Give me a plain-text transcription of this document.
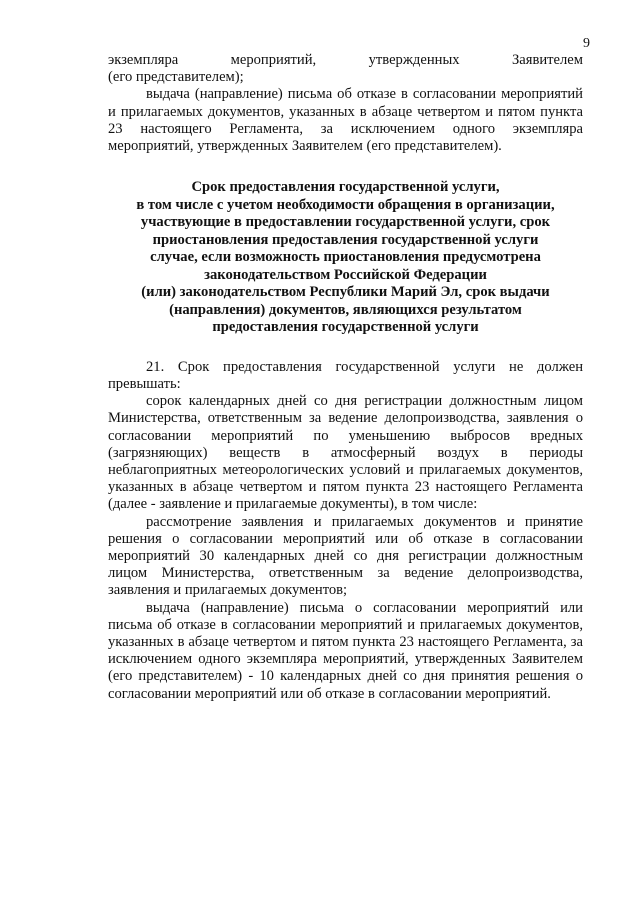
9

экземпляра мероприятий, утвержденных Заявителем

(его представителем);

выдача (направление) письма об отказе в согласовании мероприятий и прилагаемых документов, указанных в абзаце четвертом и пятом пункта 23 настоящего Регламента, за исключением одного экземпляра мероприятий, утвержденных Заявителем (его представителем).

Срок предоставления государственной услуги,
в том числе с учетом необходимости обращения в организации,
участвующие в предоставлении государственной услуги, срок
приостановления предоставления государственной услуги
случае, если возможность приостановления предусмотрена
законодательством Российской Федерации
(или) законодательством Республики Марий Эл, срок выдачи
(направления) документов, являющихся результатом
предоставления государственной услуги

21. Срок предоставления государственной услуги не должен превышать:

сорок календарных дней со дня регистрации должностным лицом Министерства, ответственным за ведение делопроизводства, заявления о согласовании мероприятий по уменьшению выбросов вредных (загрязняющих) веществ в атмосферный воздух в периоды неблагоприятных метеорологических условий и прилагаемых документов, указанных в абзаце четвертом и пятом пункта 23 настоящего Регламента (далее - заявление и прилагаемые документы), в том числе:

рассмотрение заявления и прилагаемых документов и принятие решения о согласовании мероприятий или об отказе в согласовании мероприятий 30 календарных дней со дня регистрации должностным лицом Министерства, ответственным за ведение делопроизводства, заявления и прилагаемых документов;

выдача (направление) письма о согласовании мероприятий или письма об отказе в согласовании мероприятий и прилагаемых документов, указанных в абзаце четвертом и пятом пункта 23 настоящего Регламента, за исключением одного экземпляра мероприятий, утвержденных Заявителем (его представителем) - 10 календарных дней со дня принятия решения о согласовании мероприятий или об отказе в согласовании мероприятий.
